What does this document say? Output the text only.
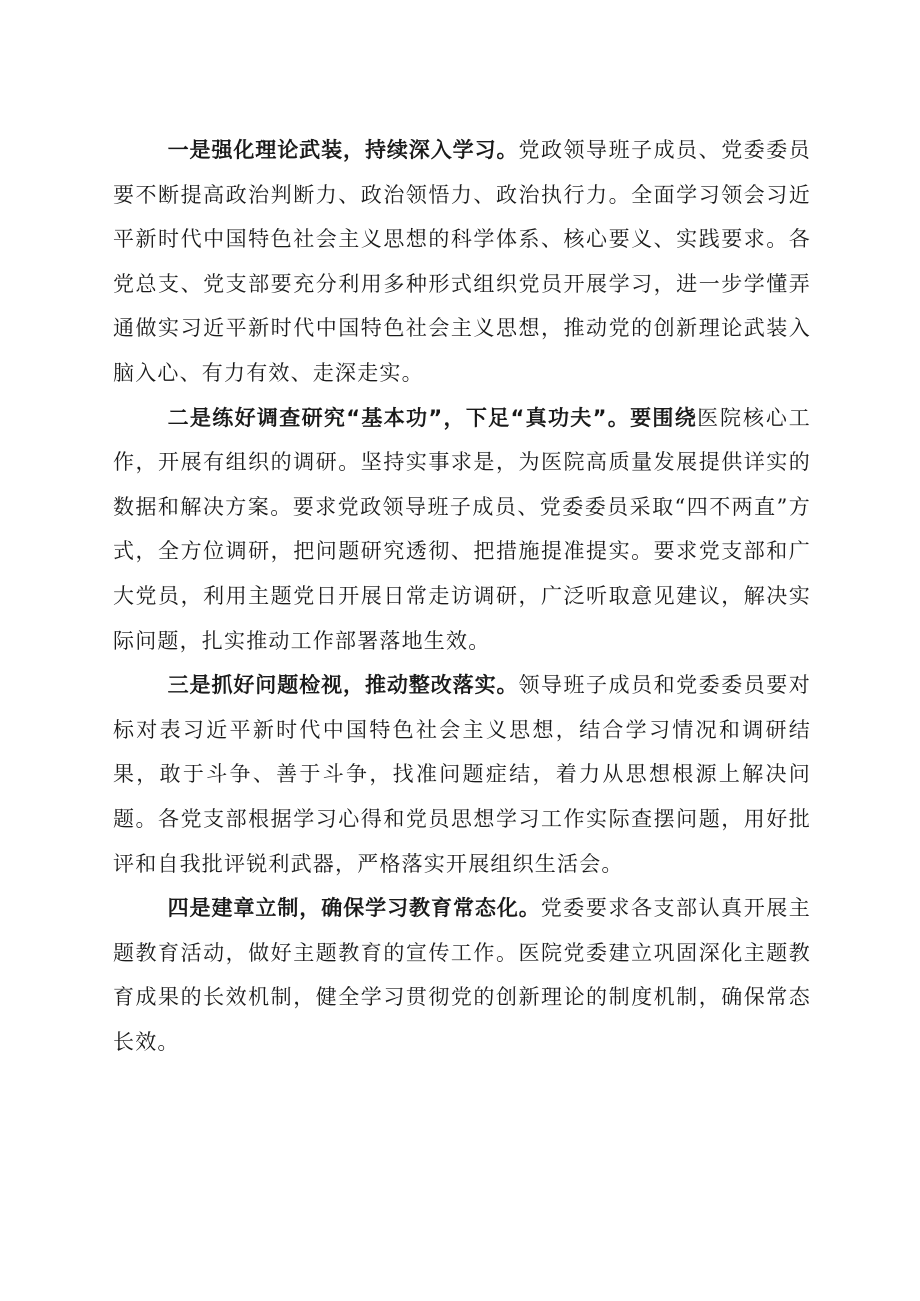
一是强化理论武装，持续深入学习。党政领导班子成员、党委委员要不断提高政治判断力、政治领悟力、政治执行力。全面学习领会习近平新时代中国特色社会主义思想的科学体系、核心要义、实践要求。各党总支、党支部要充分利用多种形式组织党员开展学习，进一步学懂弄通做实习近平新时代中国特色社会主义思想，推动党的创新理论武装入脑入心、有力有效、走深走实。

二是练好调查研究“基本功”，下足“真功夫”。要围绕医院核心工作，开展有组织的调研。坚持实事求是，为医院高质量发展提供详实的数据和解决方案。要求党政领导班子成员、党委委员采取“四不两直”方式，全方位调研，把问题研究透彻、把措施提准提实。要求党支部和广大党员，利用主题党日开展日常走访调研，广泛听取意见建议，解决实际问题，扎实推动工作部署落地生效。

三是抓好问题检视，推动整改落实。领导班子成员和党委委员要对标对表习近平新时代中国特色社会主义思想，结合学习情况和调研结果，敢于斗争、善于斗争，找准问题症结，着力从思想根源上解决问题。各党支部根据学习心得和党员思想学习工作实际查摆问题，用好批评和自我批评锐利武器，严格落实开展组织生活会。

四是建章立制，确保学习教育常态化。党委要求各支部认真开展主题教育活动，做好主题教育的宣传工作。医院党委建立巩固深化主题教育成果的长效机制，健全学习贯彻党的创新理论的制度机制，确保常态长效。
